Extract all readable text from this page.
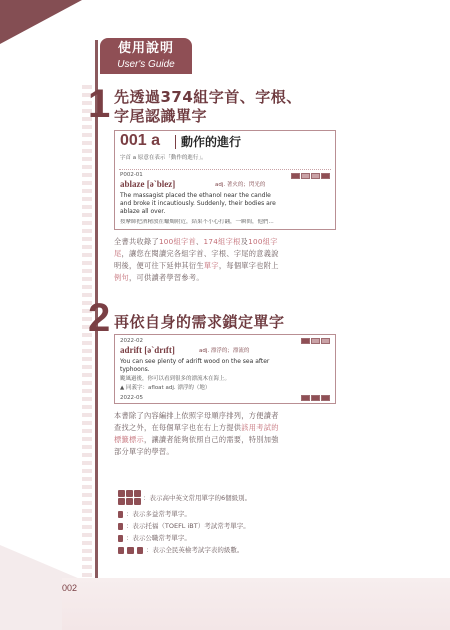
使用說明
User's Guide
1 先透過374組字首、字根、
字尾認識單字
001 a 動作的進行
字首 a 原意在表示「動作的進行」。
P002-01
ablaze [əˋblez]	adj. 著火的；閃光的
The massagist placed the ethanol near the candle
and broke it incautiously. Suddenly, their bodies are
ablaze all over.
按摩師把酒精放在蠟燭附近，結果不小心打翻，一瞬間，他們...
全書共收錄了100組字首、174組字根及100組字
尾，讓您在閱讀完各組字首、字根、字尾的意義說
明後，便可往下延伸其衍生單字，每個單字也附上
例句，可供讀者學習參考。
2 再依自身的需求鎖定單字
2022-02
adrift [əˋdrɪft]	adj. 漂浮的；漂流的
You can see plenty of adrift wood on the sea after
typhoons.
颱風過後，你可以看到很多的漂流木在海上。
▲ 同義字：afloat adj. 漂浮的（地）
2022-05
本書除了內容編排上依照字母順序排列，方便讀者
查找之外，在每個單字也在右上方提供該用考試的
標籤標示，讓讀者能夠依照自己的需要，特別加強
部分單字的學習。
：表示高中英文常用單字的6個級別。

：表示多益常考單字。

：表示托福（TOEFL iBT）考試常考單字。

：表示公職常考單字。

：表示全民英檢考試字表的級數。
002
